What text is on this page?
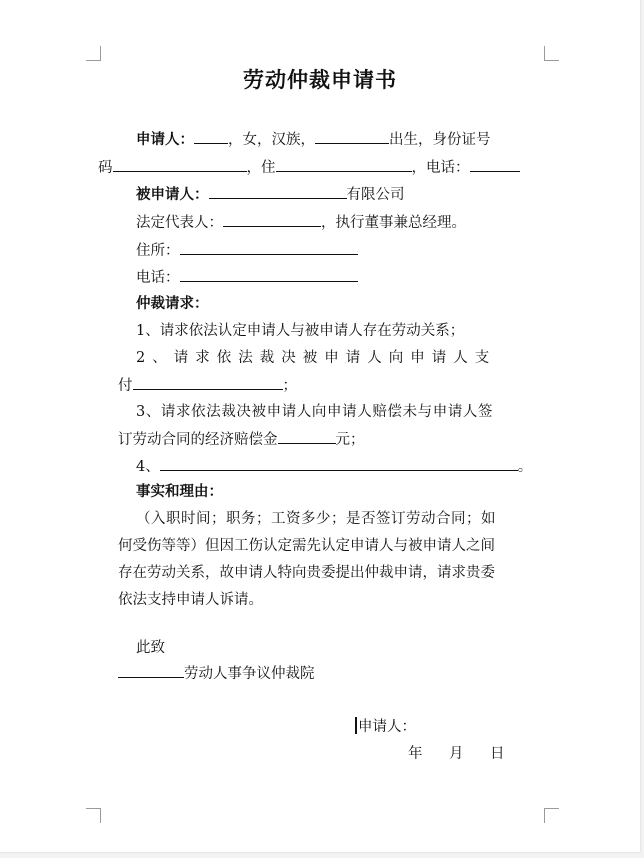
劳动仲裁申请书
申请人： ，女，汉族，	出生，身份证号
码	，住	，电话：
被申请人：	有限公司
法定代表人：	，执行董事兼总经理。
住所：
电话：
仲裁请求：
1、请求依法认定申请人与被申请人存在劳动关系；
2、请求依法裁决被申请人向申请人支
付	；
3、请求依法裁决被申请人向申请人赔偿未与申请人签
订劳动合同的经济赔偿金	元；
4、	。
事实和理由：
（入职时间；职务；工资多少；是否签订劳动合同；如
何受伤等等）但因工伤认定需先认定申请人与被申请人之间
存在劳动关系，故申请人特向贵委提出仲裁申请，请求贵委
依法支持申请人诉请。
此致
劳动人事争议仲裁院
申请人：
年　月　日
